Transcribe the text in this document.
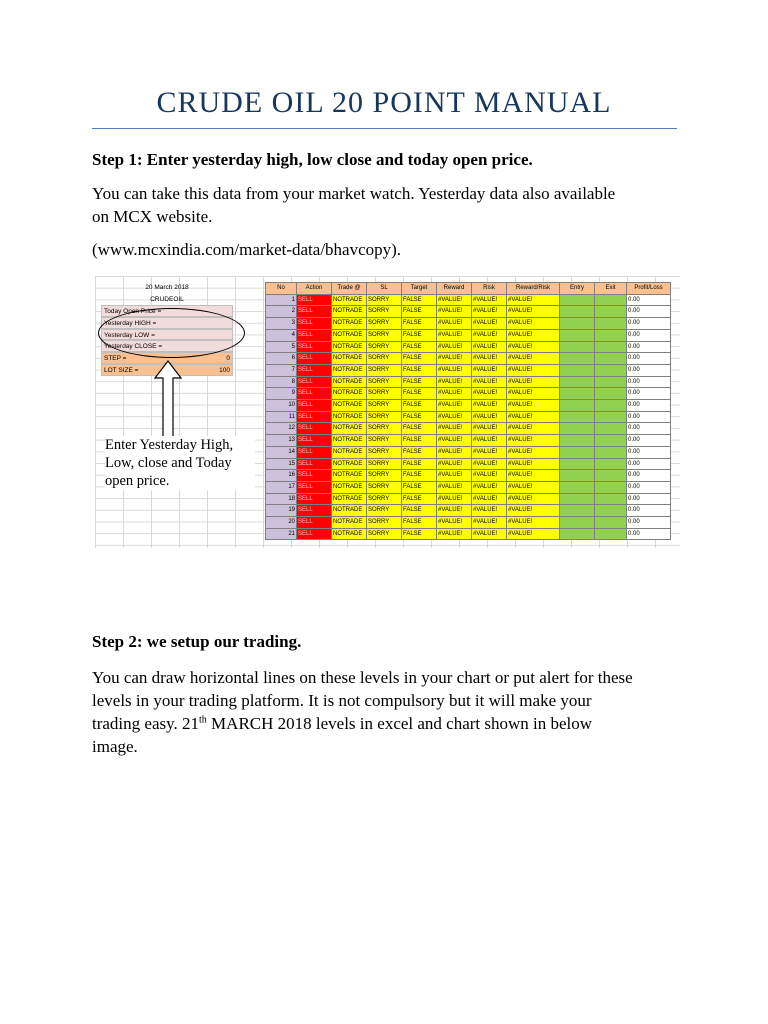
CRUDE OIL 20 POINT MANUAL
Step 1: Enter yesterday high, low close and today open price.
You can take this data from your market watch. Yesterday data also available
on MCX website.
(www.mcxindia.com/market-data/bhavcopy).
20 March 2018
CRUDEOIL
Today Open Price =
Yesterday HIGH =
Yesterday LOW =
Yesterday CLOSE =
STEP =	0
LOT SIZE =	100
Enter Yesterday High,
Low, close and Today
open price.
No	Action	Trade @	SL	Target	Reward	Risk	Reward/Risk	Entry	Exit	Profit/Loss
1	SELL	NOTRADE	SORRY	FALSE	#VALUE!	#VALUE!	#VALUE!			0.00
2	SELL	NOTRADE	SORRY	FALSE	#VALUE!	#VALUE!	#VALUE!			0.00
3	SELL	NOTRADE	SORRY	FALSE	#VALUE!	#VALUE!	#VALUE!			0.00
4	SELL	NOTRADE	SORRY	FALSE	#VALUE!	#VALUE!	#VALUE!			0.00
5	SELL	NOTRADE	SORRY	FALSE	#VALUE!	#VALUE!	#VALUE!			0.00
6	SELL	NOTRADE	SORRY	FALSE	#VALUE!	#VALUE!	#VALUE!			0.00
7	SELL	NOTRADE	SORRY	FALSE	#VALUE!	#VALUE!	#VALUE!			0.00
8	SELL	NOTRADE	SORRY	FALSE	#VALUE!	#VALUE!	#VALUE!			0.00
9	SELL	NOTRADE	SORRY	FALSE	#VALUE!	#VALUE!	#VALUE!			0.00
10	SELL	NOTRADE	SORRY	FALSE	#VALUE!	#VALUE!	#VALUE!			0.00
11	SELL	NOTRADE	SORRY	FALSE	#VALUE!	#VALUE!	#VALUE!			0.00
12	SELL	NOTRADE	SORRY	FALSE	#VALUE!	#VALUE!	#VALUE!			0.00
13	SELL	NOTRADE	SORRY	FALSE	#VALUE!	#VALUE!	#VALUE!			0.00
14	SELL	NOTRADE	SORRY	FALSE	#VALUE!	#VALUE!	#VALUE!			0.00
15	SELL	NOTRADE	SORRY	FALSE	#VALUE!	#VALUE!	#VALUE!			0.00
16	SELL	NOTRADE	SORRY	FALSE	#VALUE!	#VALUE!	#VALUE!			0.00
17	SELL	NOTRADE	SORRY	FALSE	#VALUE!	#VALUE!	#VALUE!			0.00
18	SELL	NOTRADE	SORRY	FALSE	#VALUE!	#VALUE!	#VALUE!			0.00
19	SELL	NOTRADE	SORRY	FALSE	#VALUE!	#VALUE!	#VALUE!			0.00
20	SELL	NOTRADE	SORRY	FALSE	#VALUE!	#VALUE!	#VALUE!			0.00
21	SELL	NOTRADE	SORRY	FALSE	#VALUE!	#VALUE!	#VALUE!			0.00
Step 2: we setup our trading.
You can draw horizontal lines on these levels in your chart or put alert for these
levels in your trading platform. It is not compulsory but it will make your
trading easy. 21th MARCH 2018 levels in excel and chart shown in below
image.
